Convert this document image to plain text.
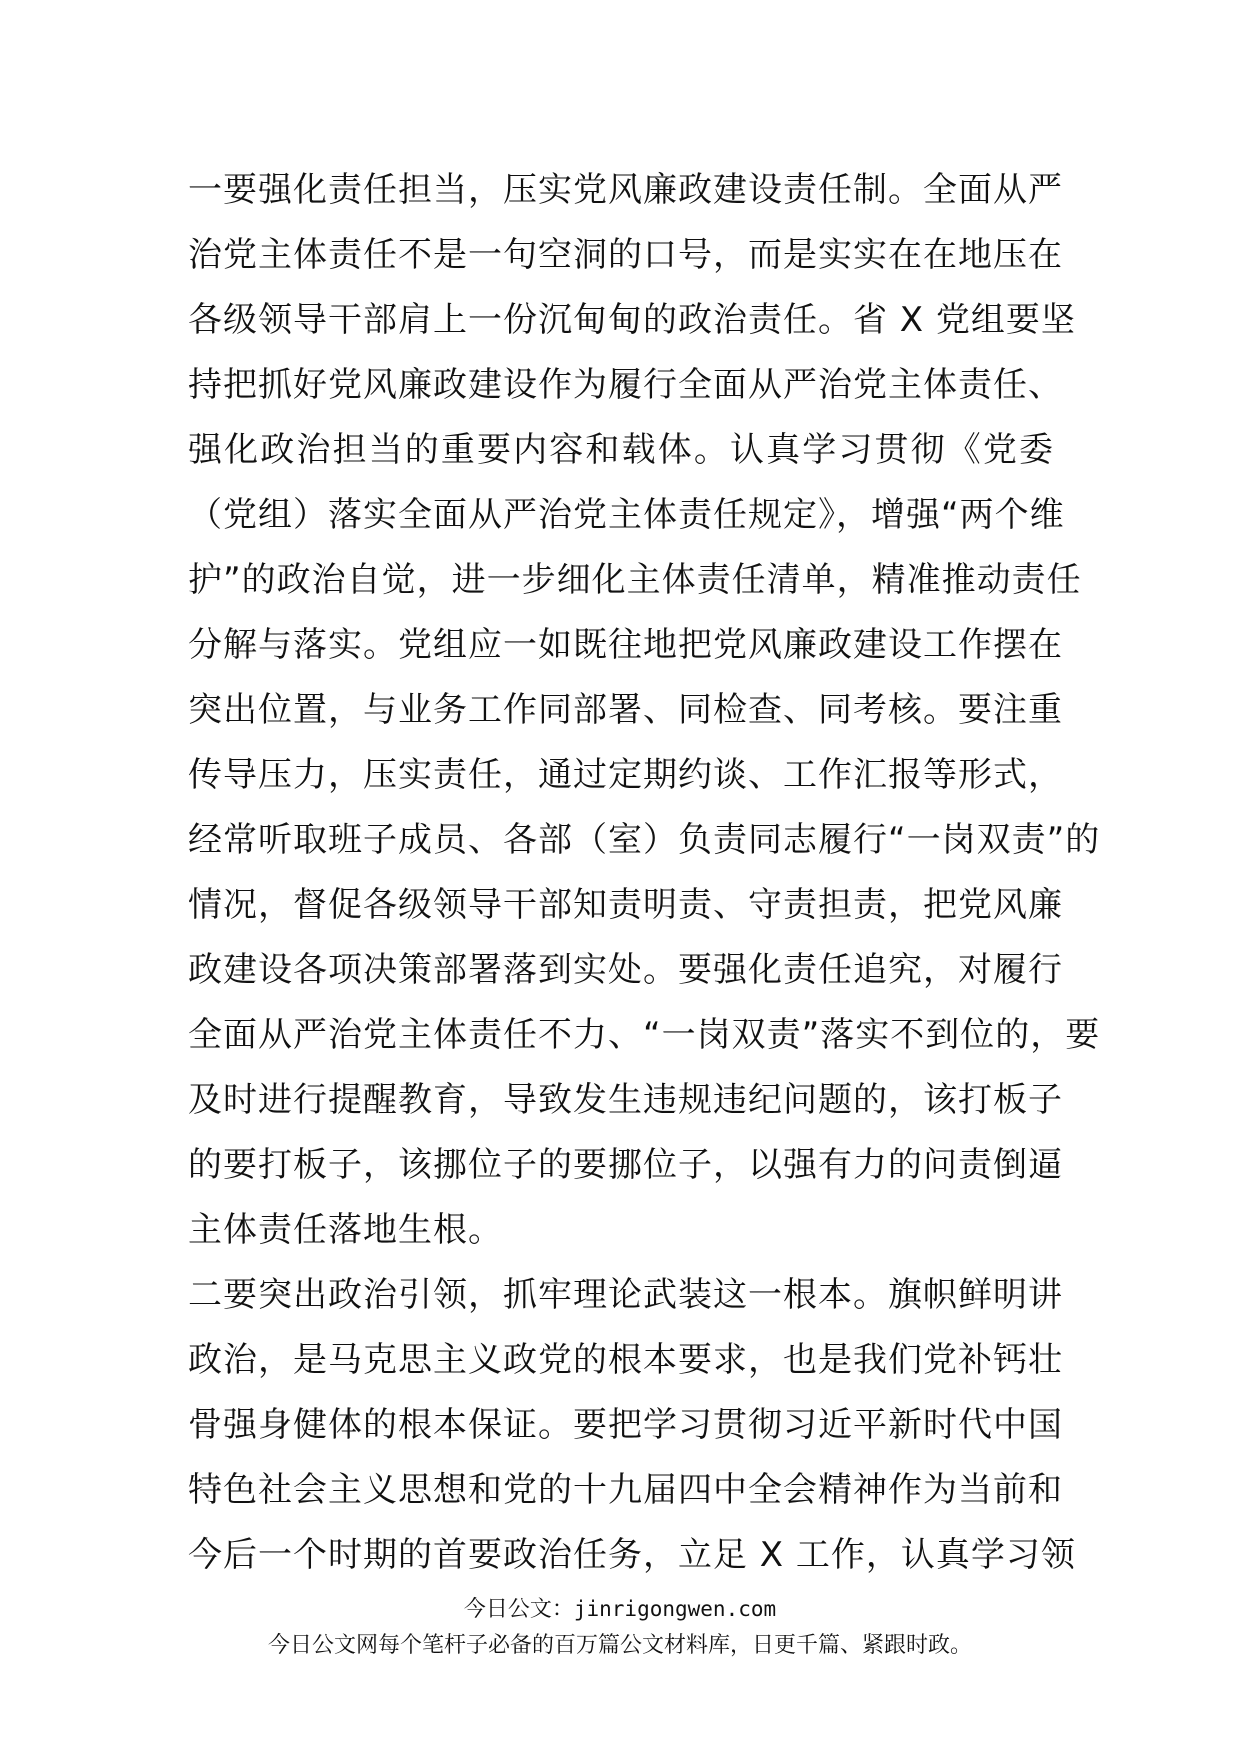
一要强化责任担当，压实党风廉政建设责任制。全面从严
治党主体责任不是一句空洞的口号，而是实实在在地压在
各级领导干部肩上一份沉甸甸的政治责任。省 X 党组要坚
持把抓好党风廉政建设作为履行全面从严治党主体责任、
强化政治担当的重要内容和载体。认真学习贯彻《党委
（党组）落实全面从严治党主体责任规定》，增强“两个维
护”的政治自觉，进一步细化主体责任清单，精准推动责任
分解与落实。党组应一如既往地把党风廉政建设工作摆在
突出位置，与业务工作同部署、同检查、同考核。要注重
传导压力，压实责任，通过定期约谈、工作汇报等形式，
经常听取班子成员、各部（室）负责同志履行“一岗双责”的
情况，督促各级领导干部知责明责、守责担责，把党风廉
政建设各项决策部署落到实处。要强化责任追究，对履行
全面从严治党主体责任不力、“一岗双责”落实不到位的，要
及时进行提醒教育，导致发生违规违纪问题的，该打板子
的要打板子，该挪位子的要挪位子，以强有力的问责倒逼
主体责任落地生根。
二要突出政治引领，抓牢理论武装这一根本。旗帜鲜明讲
政治，是马克思主义政党的根本要求，也是我们党补钙壮
骨强身健体的根本保证。要把学习贯彻习近平新时代中国
特色社会主义思想和党的十九届四中全会精神作为当前和
今后一个时期的首要政治任务，立足 X 工作，认真学习领
今日公文：jinrigongwen.com
今日公文网每个笔杆子必备的百万篇公文材料库，日更千篇、紧跟时政。
